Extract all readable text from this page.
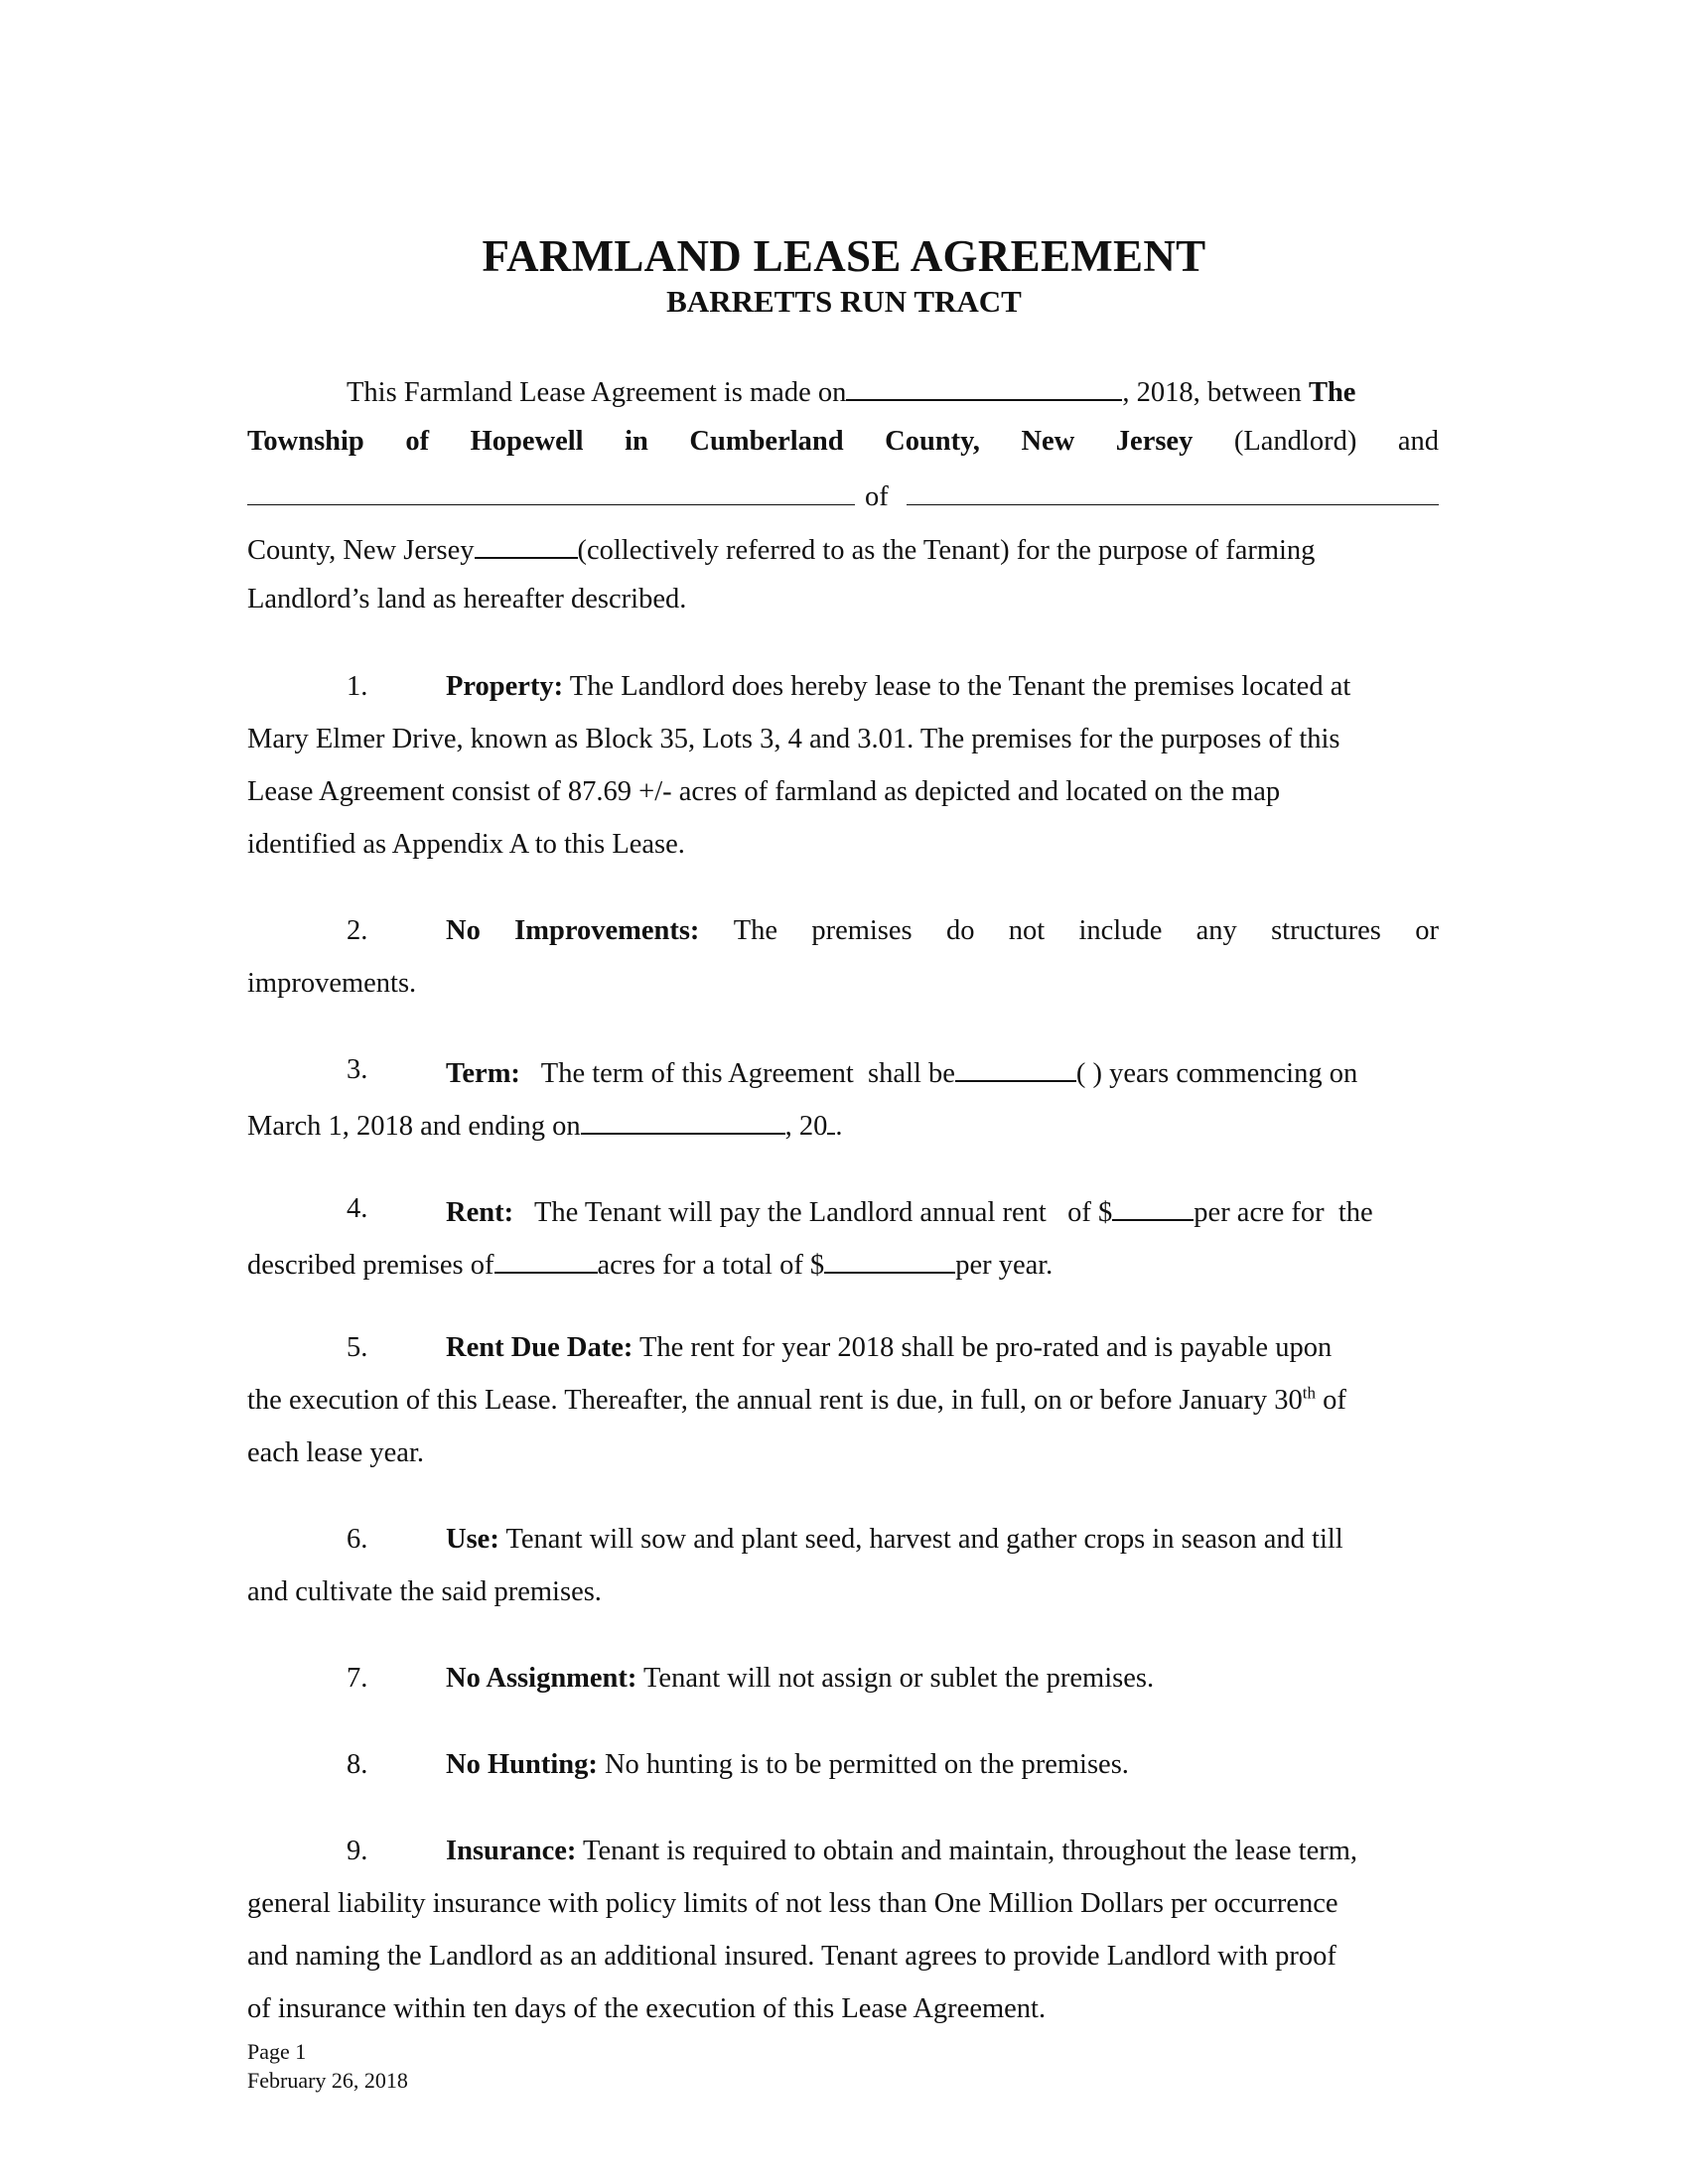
FARMLAND LEASE AGREEMENT
BARRETTS RUN TRACT
This Farmland Lease Agreement is made on	, 2018, between The
Township of Hopewell in Cumberland County, New Jersey (Landlord) and
of
County, New Jersey	(collectively referred to as the Tenant) for the purpose of farming
Landlord’s land as hereafter described.
1.	Property: The Landlord does hereby lease to the Tenant the premises located at
Mary Elmer Drive, known as Block 35, Lots 3, 4 and 3.01. The premises for the purposes of this
Lease Agreement consist of 87.69 +/- acres of farmland as depicted and located on the map
identified as Appendix A to this Lease.
2.	No Improvements: The premises do not include any structures or
improvements.
3.	Term:   The term of this Agreement  shall be	( ) years commencing on
March 1, 2018 and ending on	, 20 .
4.	Rent:   The Tenant will pay the Landlord annual rent   of $	per acre for  the
described premises of	acres for a total of $	per year.
5.	Rent Due Date: The rent for year 2018 shall be pro-rated and is payable upon
the execution of this Lease. Thereafter, the annual rent is due, in full, on or before January 30th of
each lease year.
6.	Use: Tenant will sow and plant seed, harvest and gather crops in season and till
and cultivate the said premises.
7.	No Assignment: Tenant will not assign or sublet the premises.
8.	No Hunting: No hunting is to be permitted on the premises.
9.	Insurance: Tenant is required to obtain and maintain, throughout the lease term,
general liability insurance with policy limits of not less than One Million Dollars per occurrence
and naming the Landlord as an additional insured. Tenant agrees to provide Landlord with proof
of insurance within ten days of the execution of this Lease Agreement.
Page 1
February 26, 2018
